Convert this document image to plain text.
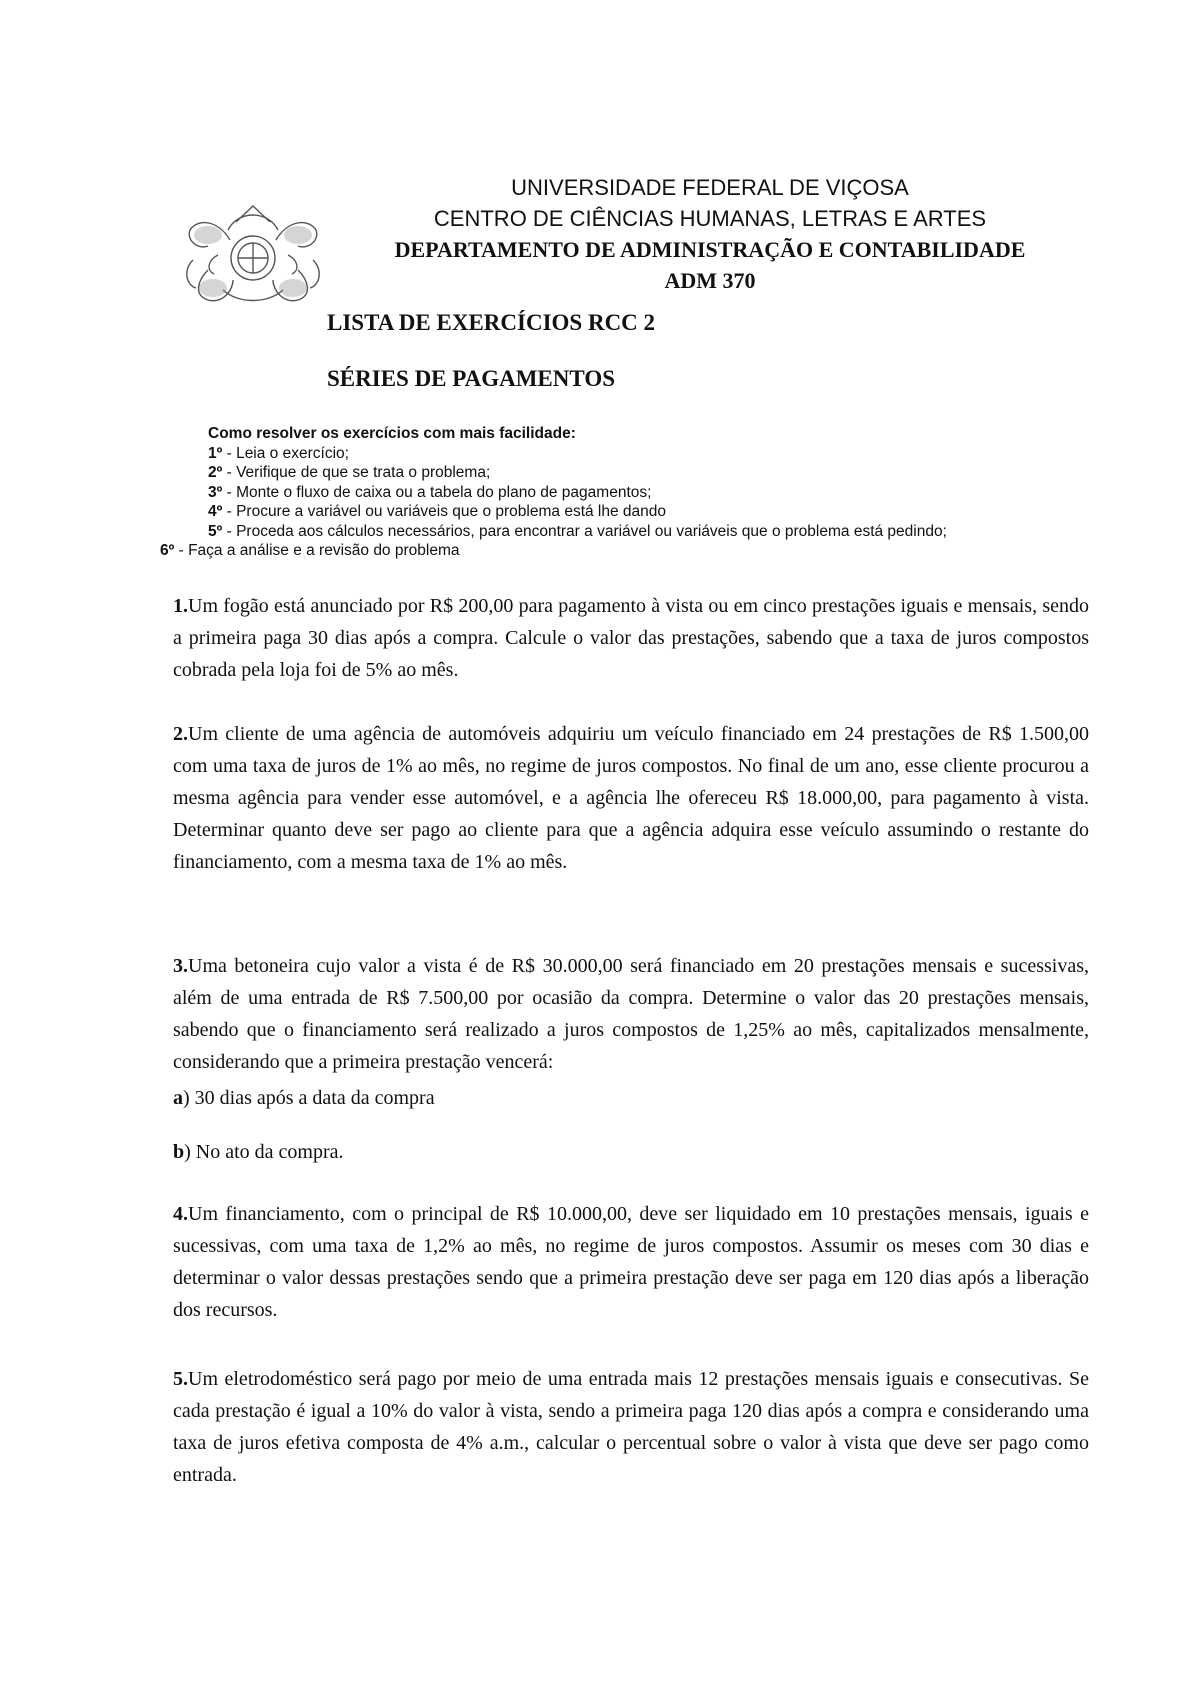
UNIVERSIDADE FEDERAL DE VIÇOSA
CENTRO DE CIÊNCIAS HUMANAS, LETRAS E ARTES
DEPARTAMENTO DE ADMINISTRAÇÃO E CONTABILIDADE
ADM 370
LISTA DE EXERCÍCIOS RCC 2
SÉRIES DE PAGAMENTOS
Como resolver os exercícios com mais facilidade:
1º - Leia o exercício;
2º - Verifique de que se trata o problema;
3º - Monte o fluxo de caixa ou a tabela do plano de pagamentos;
4º - Procure a variável ou variáveis que o problema está lhe dando
5º - Proceda aos cálculos necessários, para encontrar a variável ou variáveis que o problema está pedindo;
6º - Faça a análise e a revisão do problema
1.Um fogão está anunciado por R$ 200,00 para pagamento à vista ou em cinco prestações iguais e mensais, sendo a primeira paga 30 dias após a compra. Calcule o valor das prestações, sabendo que a taxa de juros compostos cobrada pela loja foi de 5% ao mês.
2.Um cliente de uma agência de automóveis adquiriu um veículo financiado em 24 prestações de R$ 1.500,00 com uma taxa de juros de 1% ao mês, no regime de juros compostos. No final de um ano, esse cliente procurou a mesma agência para vender esse automóvel, e a agência lhe ofereceu R$ 18.000,00, para pagamento à vista. Determinar quanto deve ser pago ao cliente para que a agência adquira esse veículo assumindo o restante do financiamento, com a mesma taxa de 1% ao mês.
3.Uma betoneira cujo valor a vista é de R$ 30.000,00 será financiado em 20 prestações mensais e sucessivas, além de uma entrada de R$ 7.500,00 por ocasião da compra. Determine o valor das 20 prestações mensais, sabendo que o financiamento será realizado a juros compostos de 1,25% ao mês, capitalizados mensalmente, considerando que a primeira prestação vencerá:
a) 30 dias após a data da compra
b) No ato da compra.
4.Um financiamento, com o principal de R$ 10.000,00, deve ser liquidado em 10 prestações mensais, iguais e sucessivas, com uma taxa de 1,2% ao mês, no regime de juros compostos. Assumir os meses com 30 dias e determinar o valor dessas prestações sendo que a primeira prestação deve ser paga em 120 dias após a liberação dos recursos.
5.Um eletrodoméstico será pago por meio de uma entrada mais 12 prestações mensais iguais e consecutivas. Se cada prestação é igual a 10% do valor à vista, sendo a primeira paga 120 dias após a compra e considerando uma taxa de juros efetiva composta de 4% a.m., calcular o percentual sobre o valor à vista que deve ser pago como entrada.
